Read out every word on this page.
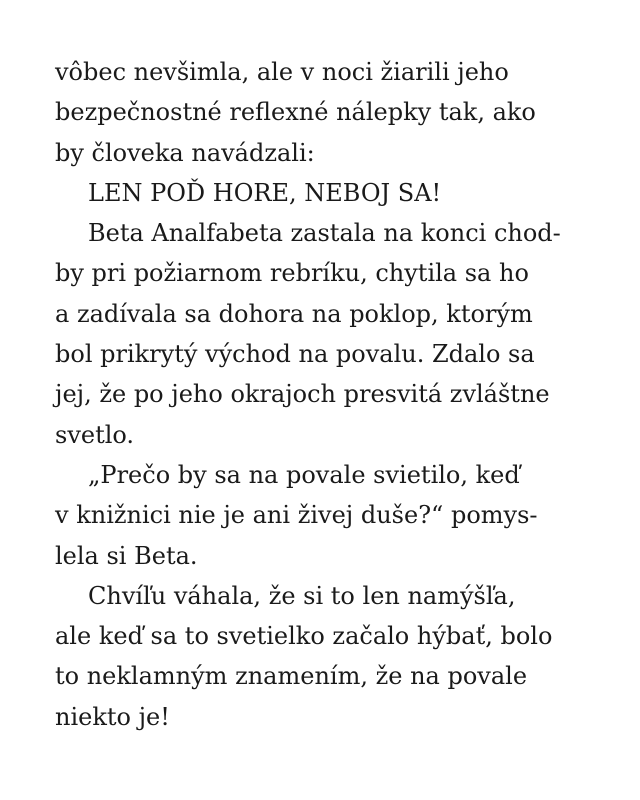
vôbec nevšimla, ale v noci žiarili jeho
bezpečnostné reflexné nálepky tak, ako
by človeka navádzali:
LEN POĎ HORE, NEBOJ SA!
Beta Analfabeta zastala na konci chod-
by pri požiarnom rebríku, chytila sa ho
a zadívala sa dohora na poklop, ktorým
bol prikrytý východ na povalu. Zdalo sa
jej, že po jeho okrajoch presvitá zvláštne
svetlo.
„Prečo by sa na povale svietilo, keď
v knižnici nie je ani živej duše?“ pomys-
lela si Beta.
Chvíľu váhala, že si to len namýšľa,
ale keď sa to svetielko začalo hýbať, bolo
to neklamným znamením, že na povale
niekto je!
